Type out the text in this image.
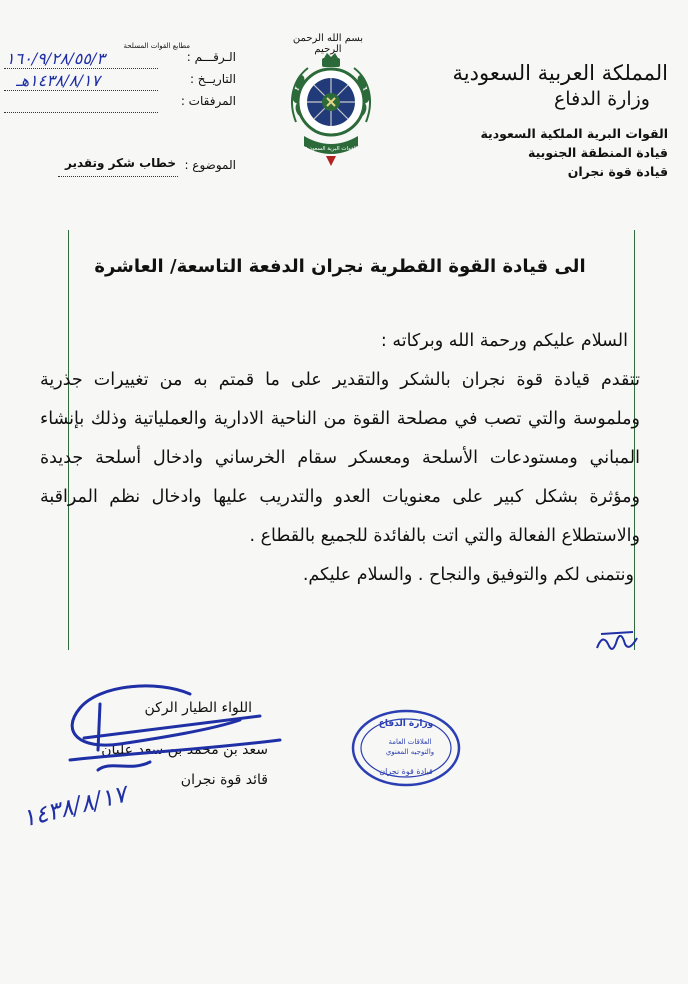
المملكة العربية السعودية
وزارة الدفاع
القوات البرية الملكية السعودية
قيادة المنطقة الجنوبية
قيادة قوة نجران
بسم الله الرحمن الرحيم
القوات البرية السعودية
مطابع القوات المسلحة
الـرقـــم :
١٦٠/٩/٢٨/٥٥/٣
التاريــخ :
١٤٣٨/٨/١٧هـ
المرفقات :
الموضوع :
خطاب شكر وتقدير
الى قيادة القوة القطرية نجران الدفعة التاسعة/ العاشرة

السلام عليكم ورحمة الله وبركاته :

تتقدم قيادة قوة نجران بالشكر والتقدير على ما قمتم به من تغييرات جذرية وملموسة والتي تصب في مصلحة القوة من الناحية الادارية والعملياتية وذلك بإنشاء المباني ومستودعات الأسلحة ومعسكر سقام الخرساني وادخال أسلحة جديدة ومؤثرة بشكل كبير على معنويات العدو والتدريب عليها وادخال نظم المراقبة والاستطلاع الفعالة والتي اتت بالفائدة للجميع بالقطاع .

ونتمنى لكم والتوفيق والنجاح . والسلام عليكم.

اللواء الطيار الركن
سعد بن محمد بن سعد عليان
قائد قوة نجران
١٤٣٨/٨/١٧
وزارة الدفاع
العلاقات العامة
والتوجيه المعنوي
قيادة قوة نجران
